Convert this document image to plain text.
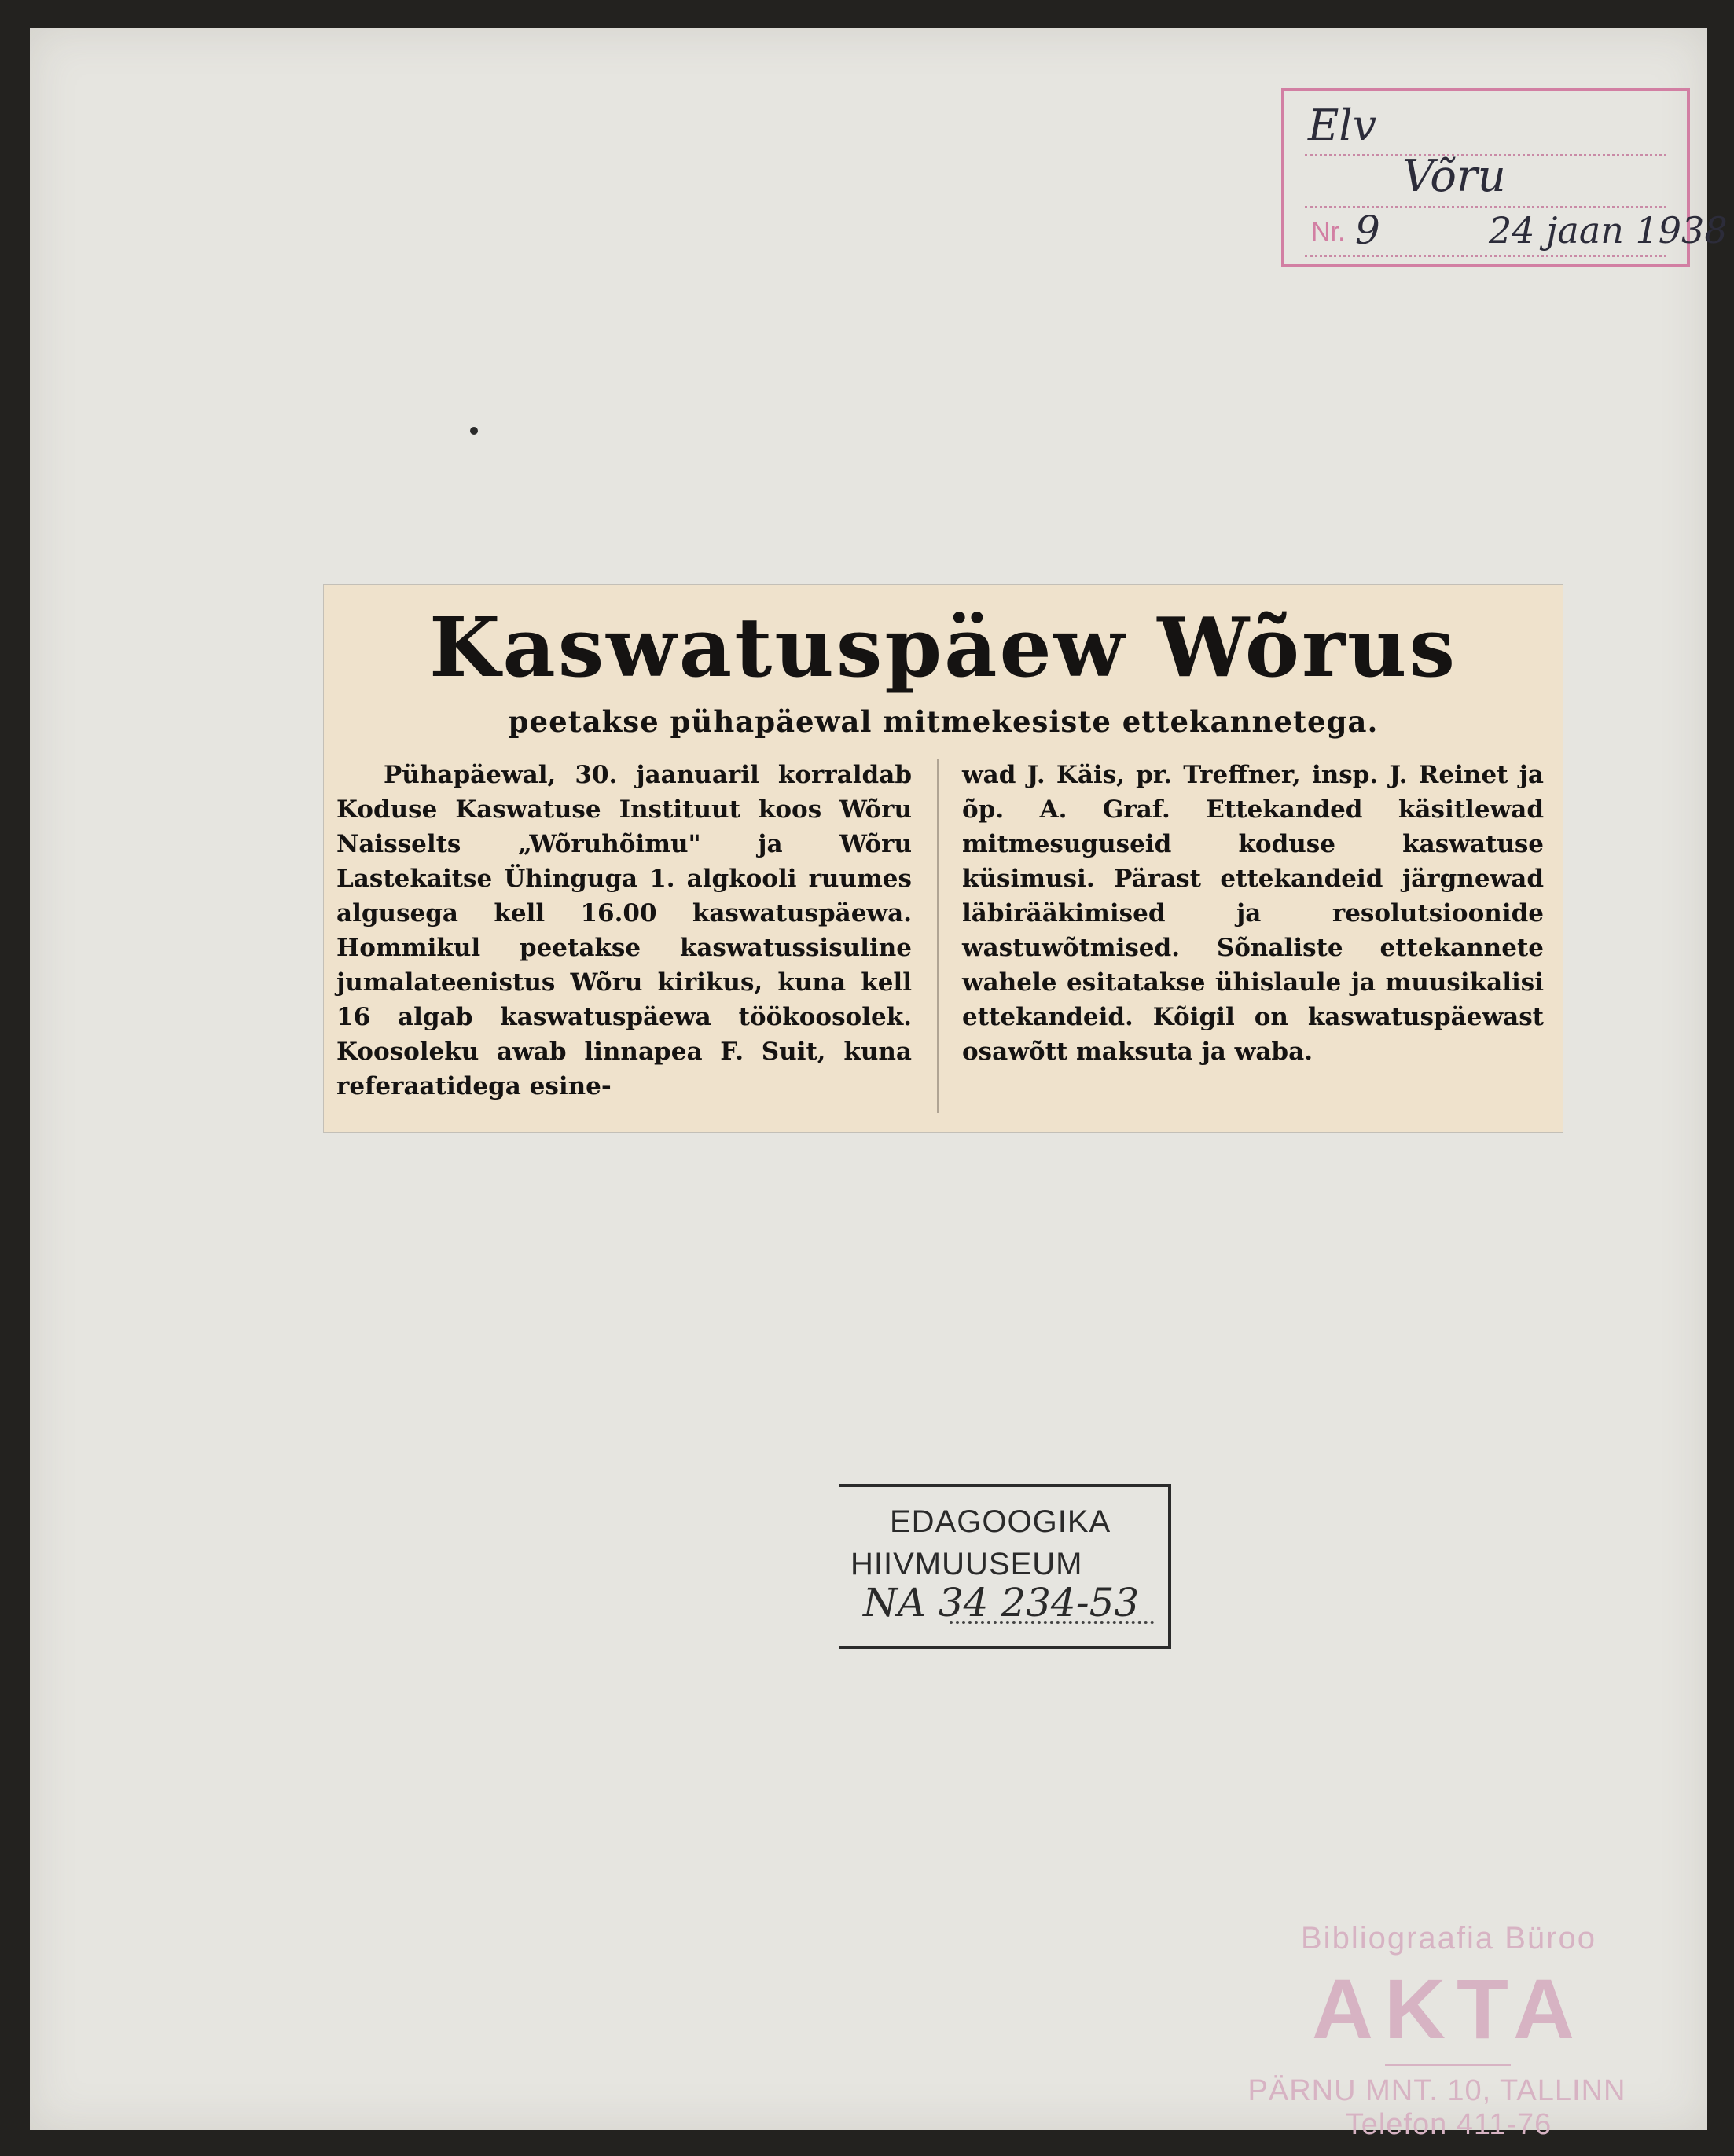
Elv
Võru
Nr. 9	24 jaan 1938
Kaswatuspäew Wõrus
peetakse pühapäewal mitmekesiste ettekannetega.
Pühapäewal, 30. jaanuaril korraldab Koduse Kaswatuse Instituut koos Wõru Naisselts „Wõruhõimu" ja Wõru Lastekaitse Ühinguga 1. algkooli ruumes algusega kell 16.00 kaswatuspäewa. Hommikul peetakse kaswatussisuline jumalateenistus Wõru kirikus, kuna kell 16 algab kaswatuspäewa töökoosolek. Koosoleku awab linnapea F. Suit, kuna referaatidega esine-
wad J. Käis, pr. Treffner, insp. J. Reinet ja õp. A. Graf. Ettekanded käsitlewad mitmesuguseid koduse kaswatuse küsimusi. Pärast ettekandeid järgnewad läbirääkimised ja resolutsioonide wastuwõtmised. Sõnaliste ettekannete wahele esitatakse ühislaule ja muusikalisi ettekandeid. Kõigil on kaswatuspäewast osawõtt maksuta ja waba.
EDAGOOGIKA
HIIVMUUSEUM
NA 34 234-53
Bibliograafia Büroo
AKTA
PÄRNU MNT. 10, TALLINN
Telefon 411-76
